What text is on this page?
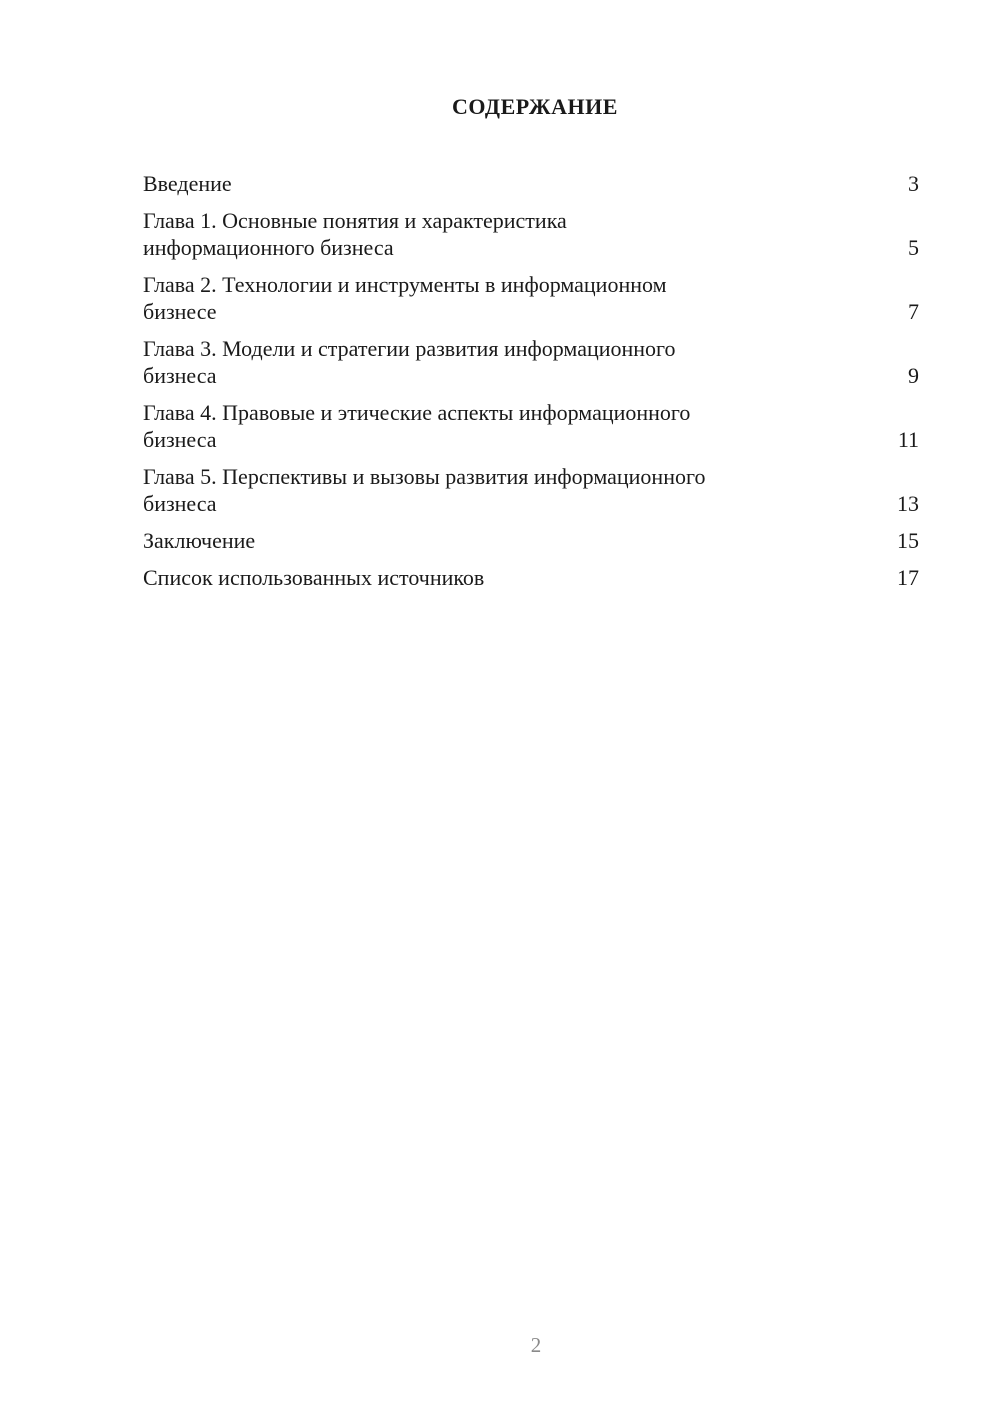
СОДЕРЖАНИЕ
Введение	3
Глава 1. Основные понятия и характеристика
информационного бизнеса	5
Глава 2. Технологии и инструменты в информационном
бизнесе	7
Глава 3. Модели и стратегии развития информационного
бизнеса	9
Глава 4. Правовые и этические аспекты информационного
бизнеса	11
Глава 5. Перспективы и вызовы развития информационного
бизнеса	13
Заключение	15
Список использованных источников	17
2
